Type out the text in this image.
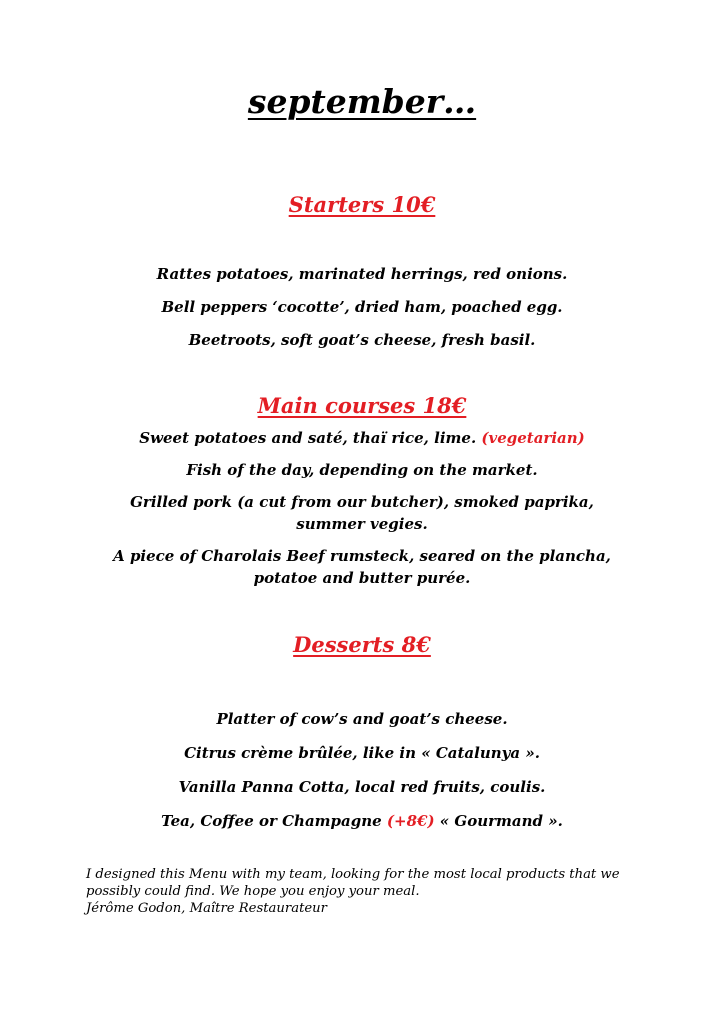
september…
Starters 10€
Rattes potatoes, marinated herrings, red onions.
Bell peppers ‘cocotte’, dried ham, poached egg.
Beetroots, soft goat’s cheese, fresh basil.
Main courses 18€
Sweet potatoes and saté, thaï rice, lime. (vegetarian)
Fish of the day, depending on the market.
Grilled pork (a cut from our butcher), smoked paprika,
summer vegies.
A piece of Charolais Beef rumsteck, seared on the plancha,
potatoe and butter purée.
Desserts 8€
Platter of cow’s and goat’s cheese.
Citrus crème brûlée, like in « Catalunya ».
Vanilla Panna Cotta, local red fruits, coulis.
Tea, Coffee or Champagne (+8€) « Gourmand ».
I designed this Menu with my team, looking for the most local products that we
possibly could find. We hope you enjoy your meal.
Jérôme Godon, Maître Restaurateur
